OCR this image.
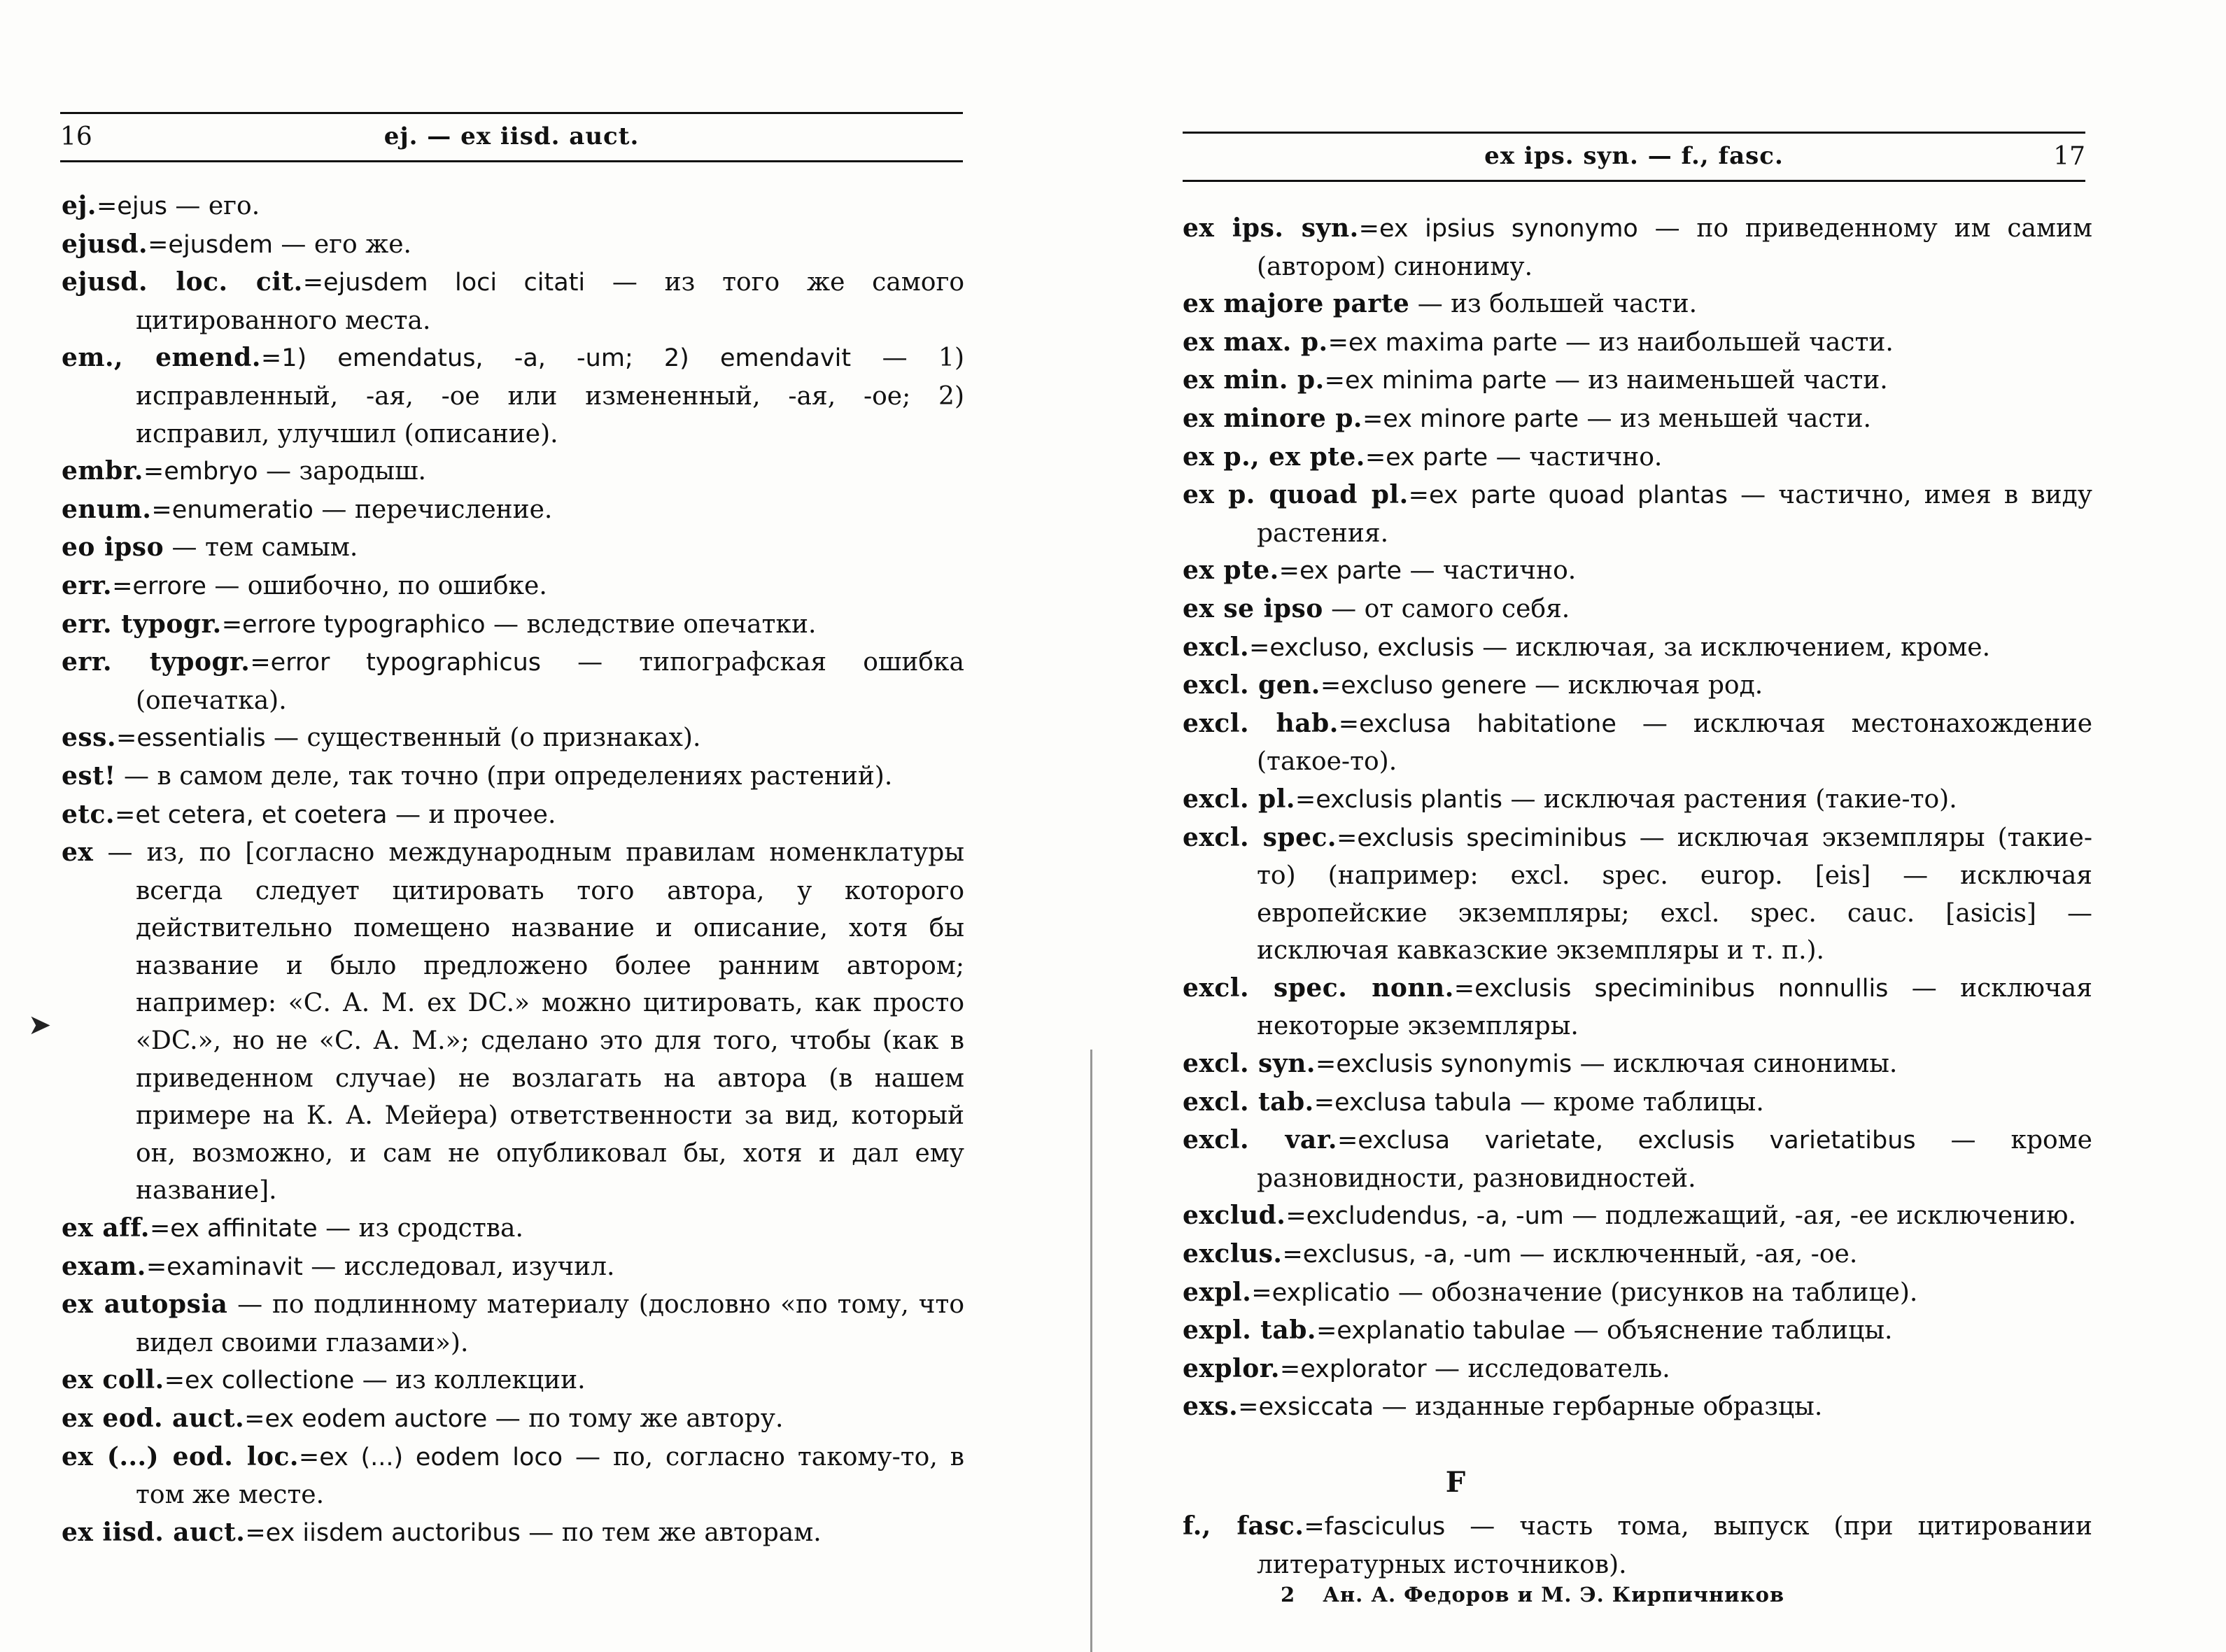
16	ej. — ex iisd. auct.
ej.=ejus — его.
ejusd.=ejusdem — его же.
ejusd. loc. cit.=ejusdem loci citati — из того же самого цитированного места.
em., emend.=1) emendatus, -a, -um; 2) emendavit — 1) исправленный, -ая, -ое или измененный, -ая, -ое; 2) исправил, улучшил (описание).
embr.=embryo — зародыш.
enum.=enumeratio — перечисление.
eo ipso — тем самым.
err.=errore — ошибочно, по ошибке.
err. typogr.=errore typographico — вследствие опечатки.
err. typogr.=error typographicus — типографская ошибка (опечатка).
ess.=essentialis — существенный (о признаках).
est! — в самом деле, так точно (при определениях растений).
etc.=et cetera, et coetera — и прочее.
ex — из, по [согласно международным правилам номенклатуры всегда следует цитировать того автора, у которого действительно помещено название и описание, хотя бы название и было предложено более ранним автором; например: «С. А. М. ex DC.» можно цитировать, как просто «DC.», но не «С. А. М.»; сделано это для того, чтобы (как в приведенном случае) не возлагать на автора (в нашем примере на К. А. Мейера) ответственности за вид, который он, возможно, и сам не опубликовал бы, хотя и дал ему название].
ex aff.=ex affinitate — из сродства.
exam.=examinavit — исследовал, изучил.
ex autopsia — по подлинному материалу (дословно «по тому, что видел своими глазами»).
ex coll.=ex collectione — из коллекции.
ex eod. auct.=ex eodem auctore — по тому же автору.
ex (...) eod. loc.=ex (...) eodem loco — по, согласно такому-то, в том же месте.
ex iisd. auct.=ex iisdem auctoribus — по тем же авторам.
➤
ex ips. syn. — f., fasc.	17
ex ips. syn.=ex ipsius synonymo — по приведенному им самим (автором) синониму.
ex majore parte — из большей части.
ex max. p.=ex maxima parte — из наибольшей части.
ex min. p.=ex minima parte — из наименьшей части.
ex minore p.=ex minore parte — из меньшей части.
ex p., ex pte.=ex parte — частично.
ex p. quoad pl.=ex parte quoad plantas — частично, имея в виду растения.
ex pte.=ex parte — частично.
ex se ipso — от самого себя.
excl.=excluso, exclusis — исключая, за исключением, кроме.
excl. gen.=excluso genere — исключая род.
excl. hab.=exclusa habitatione — исключая местонахождение (такое-то).
excl. pl.=exclusis plantis — исключая растения (такие-то).
excl. spec.=exclusis speciminibus — исключая экземпляры (такие-то) (например: excl. spec. europ. [eis] — исключая европейские экземпляры; excl. spec. cauc. [asicis] — исключая кавказские экземпляры и т. п.).
excl. spec. nonn.=exclusis speciminibus nonnullis — исключая некоторые экземпляры.
excl. syn.=exclusis synonymis — исключая синонимы.
excl. tab.=exclusa tabula — кроме таблицы.
excl. var.=exclusa varietate, exclusis varietatibus — кроме разновидности, разновидностей.
exclud.=excludendus, -a, -um — подлежащий, -ая, -ее исключению.
exclus.=exclusus, -a, -um — исключенный, -ая, -ое.
expl.=explicatio — обозначение (рисунков на таблице).
expl. tab.=explanatio tabulae — объяснение таблицы.
explor.=explorator — исследователь.
exs.=exsiccata — изданные гербарные образцы.
F
f., fasc.=fasciculus — часть тома, выпуск (при цитировании литературных источников).
2 Ан. А. Федоров и М. Э. Кирпичников
